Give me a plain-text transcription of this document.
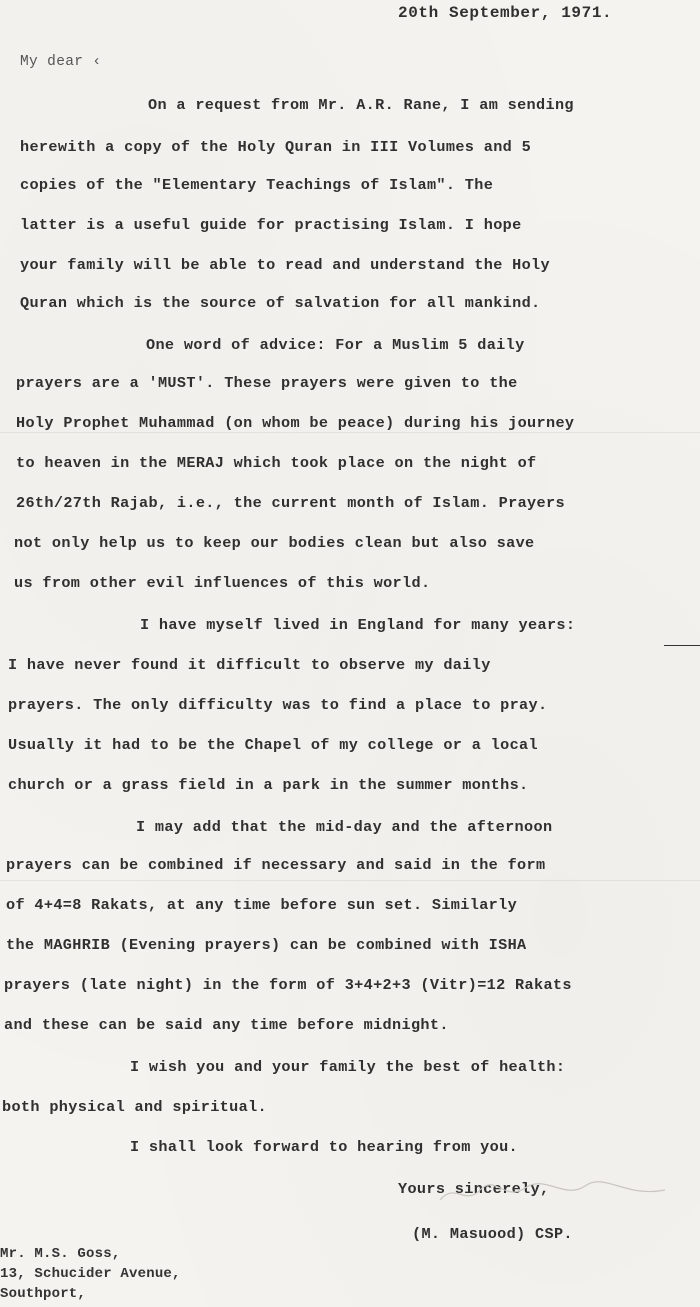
20th September, 1971.
My dear ‹
On a request from Mr. A.R. Rane, I am sending
herewith a copy of the Holy Quran in III Volumes and 5
copies of the "Elementary Teachings of Islam". The
latter is a useful guide for practising Islam. I hope
your family will be able to read and understand the Holy
Quran which is the source of salvation for all mankind.
One word of advice: For a Muslim 5 daily
prayers are a 'MUST'. These prayers were given to the
Holy Prophet Muhammad (on whom be peace) during his journey
to heaven in the MERAJ which took place on the night of
26th/27th Rajab, i.e., the current month of Islam. Prayers
not only help us to keep our bodies clean but also save
us from other evil influences of this world.
I have myself lived in England for many years:
I have never found it difficult to observe my daily
prayers. The only difficulty was to find a place to pray.
Usually it had to be the Chapel of my college or a local
church or a grass field in a park in the summer months.
I may add that the mid-day and the afternoon
prayers can be combined if necessary and said in the form
of 4+4=8 Rakats, at any time before sun set. Similarly
the MAGHRIB (Evening prayers) can be combined with ISHA
prayers (late night) in the form of 3+4+2+3 (Vitr)=12 Rakats
and these can be said any time before midnight.
I wish you and your family the best of health:
both physical and spiritual.
I shall look forward to hearing from you.
Yours sincerely,
(M. Masuood) CSP.
Mr. M.S. Goss,
13, Schucider Avenue,
Southport,
